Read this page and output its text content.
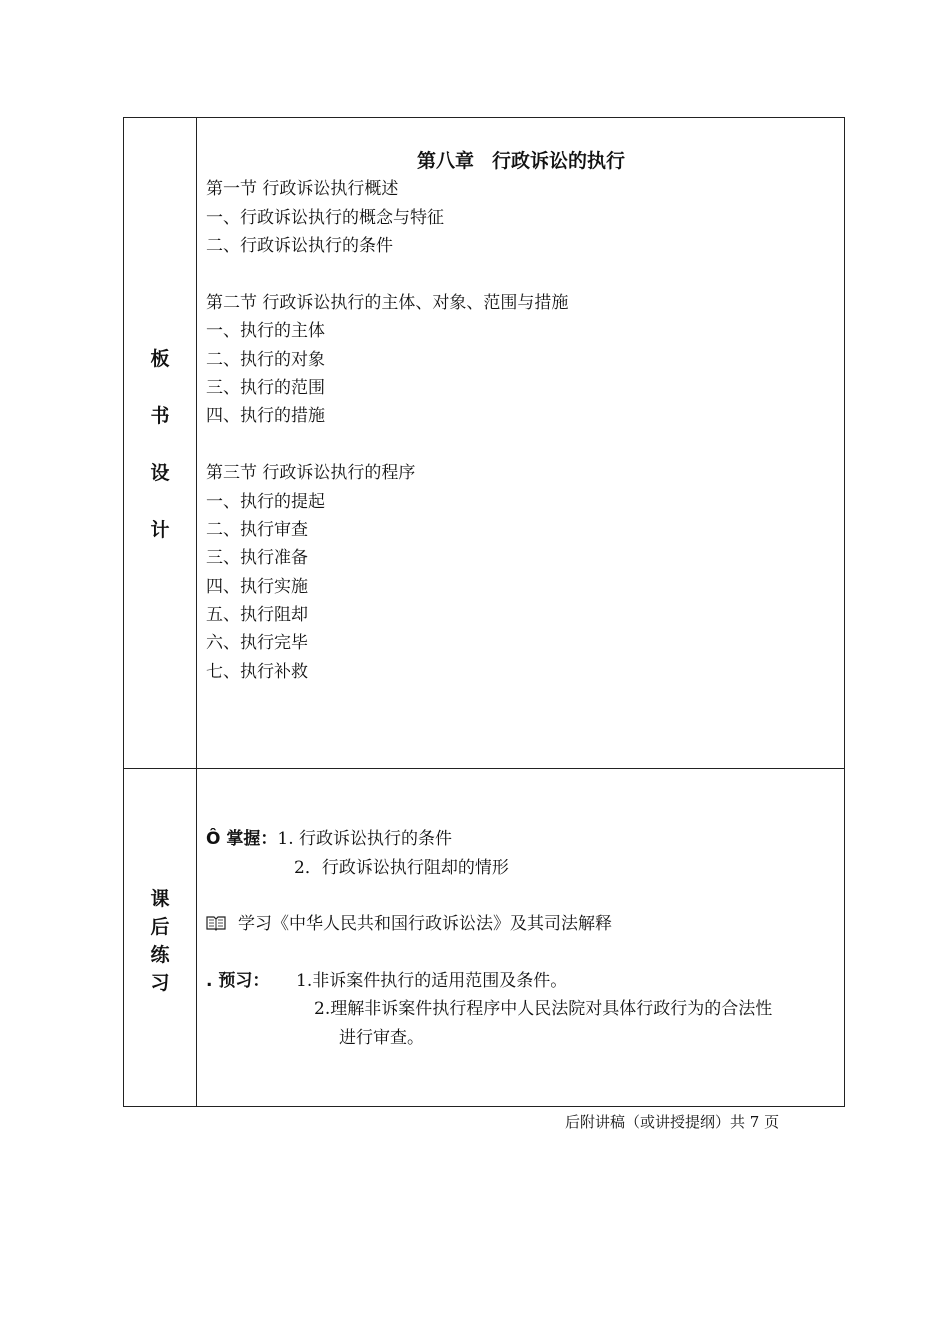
板
书
设
计
第八章 行政诉讼的执行
第一节 行政诉讼执行概述
一、行政诉讼执行的概念与特征
二、行政诉讼执行的条件
第二节 行政诉讼执行的主体、对象、范围与措施
一、执行的主体
二、执行的对象
三、执行的范围
四、执行的措施
第三节 行政诉讼执行的程序
一、执行的提起
二、执行审查
三、执行准备
四、执行实施
五、执行阻却
六、执行完毕
七、执行补救
课
后
练
习
Ô 掌握：1. 行政诉讼执行的条件
2．行政诉讼执行阻却的情形
学习《中华人民共和国行政诉讼法》及其司法解释
. 预习： 1.非诉案件执行的适用范围及条件。
2.理解非诉案件执行程序中人民法院对具体行政行为的合法性
进行审查。
后附讲稿（或讲授提纲）共 7 页
